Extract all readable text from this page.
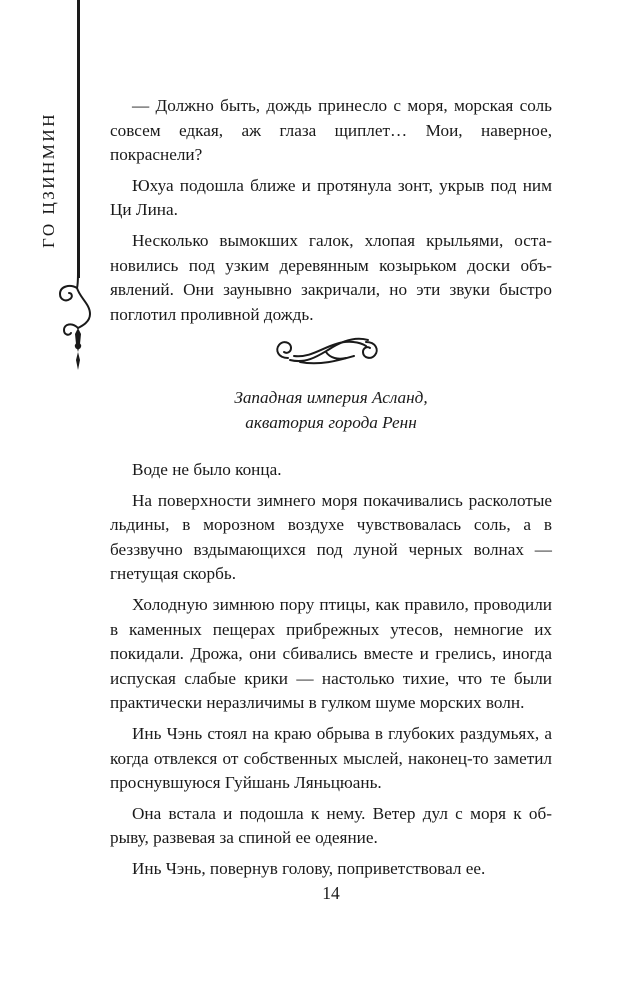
ГО ЦЗИНМИН

— Должно быть, дождь принесло с моря, морская соль совсем едкая, аж глаза щиплет… Мои, наверное, покраснели?

Юхуа подошла ближе и протянула зонт, укрыв под ним Ци Лина.

Несколько вымокших галок, хлопая крыльями, остановились под узким деревянным козырьком доски объявлений. Они заунывно закричали, но эти звуки быстро поглотил проливной дождь.

Западная империя Асланд,
акватория города Ренн

Воде не было конца.

На поверхности зимнего моря покачивались расколотые льдины, в морозном воздухе чувствовалась соль, а в беззвучно вздымающихся под луной черных волнах — гнетущая скорбь.

Холодную зимнюю пору птицы, как правило, проводили в каменных пещерах прибрежных утесов, немногие их покидали. Дрожа, они сбивались вместе и грелись, иногда испуская слабые крики — настолько тихие, что те были практически неразличимы в гулком шуме морских волн.

Инь Чэнь стоял на краю обрыва в глубоких раздумьях, а когда отвлекся от собственных мыслей, наконец-то заметил проснувшуюся Гуйшань Ляньцюань.

Она встала и подошла к нему. Ветер дул с моря к обрыву, развевая за спиной ее одеяние.

Инь Чэнь, повернув голову, поприветствовал ее.

14
